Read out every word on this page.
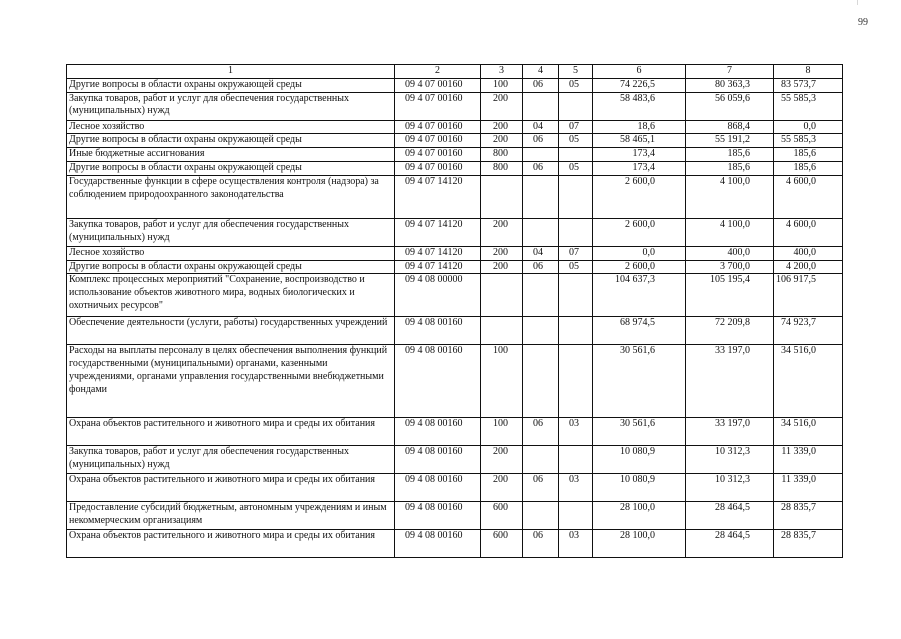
99
1	2	3	4	5	6	7	8
Другие вопросы в области охраны окружающей среды	09 4 07 00160	100	06	05	74 226,5	80 363,3	83 573,7
Закупка товаров, работ и услуг для обеспечения государственных (муниципальных) нужд	09 4 07 00160	200			58 483,6	56 059,6	55 585,3
Лесное хозяйство	09 4 07 00160	200	04	07	18,6	868,4	0,0
Другие вопросы в области охраны окружающей среды	09 4 07 00160	200	06	05	58 465,1	55 191,2	55 585,3
Иные бюджетные ассигнования	09 4 07 00160	800			173,4	185,6	185,6
Другие вопросы в области охраны окружающей среды	09 4 07 00160	800	06	05	173,4	185,6	185,6
Государственные функции в сфере осуществления контроля (надзора) за соблюдением природоохранного законодательства	09 4 07 14120				2 600,0	4 100,0	4 600,0
Закупка товаров, работ и услуг для обеспечения государственных (муниципальных) нужд	09 4 07 14120	200			2 600,0	4 100,0	4 600,0
Лесное хозяйство	09 4 07 14120	200	04	07	0,0	400,0	400,0
Другие вопросы в области охраны окружающей среды	09 4 07 14120	200	06	05	2 600,0	3 700,0	4 200,0
Комплекс процессных мероприятий "Сохранение, воспроизводство и использование объектов животного мира, водных биологических и охотничьих ресурсов"	09 4 08 00000				104 637,3	105 195,4	106 917,5
Обеспечение деятельности (услуги, работы) государственных учреждений	09 4 08 00160				68 974,5	72 209,8	74 923,7
Расходы на выплаты персоналу в целях обеспечения выполнения функций государственными (муниципальными) органами, казенными учреждениями, органами управления государственными внебюджетными фондами	09 4 08 00160	100			30 561,6	33 197,0	34 516,0
Охрана объектов растительного и животного мира и среды их обитания	09 4 08 00160	100	06	03	30 561,6	33 197,0	34 516,0
Закупка товаров, работ и услуг для обеспечения государственных (муниципальных) нужд	09 4 08 00160	200			10 080,9	10 312,3	11 339,0
Охрана объектов растительного и животного мира и среды их обитания	09 4 08 00160	200	06	03	10 080,9	10 312,3	11 339,0
Предоставление субсидий бюджетным, автономным учреждениям и иным некоммерческим организациям	09 4 08 00160	600			28 100,0	28 464,5	28 835,7
Охрана объектов растительного и животного мира и среды их обитания	09 4 08 00160	600	06	03	28 100,0	28 464,5	28 835,7
